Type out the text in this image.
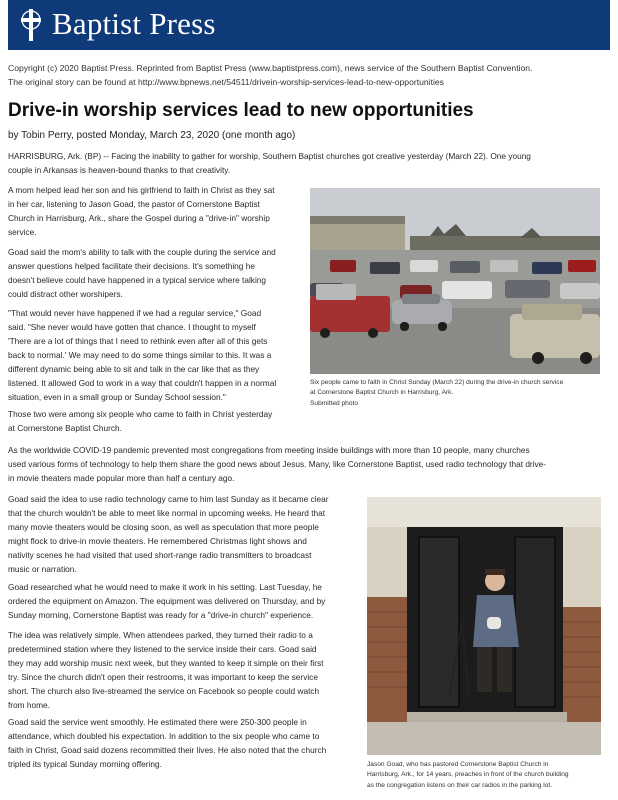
Baptist Press
Copyright (c) 2020 Baptist Press. Reprinted from Baptist Press (www.baptistpress.com), news service of the Southern Baptist Convention.
The original story can be found at http://www.bpnews.net/54511/drivein-worship-services-lead-to-new-opportunities
Drive-in worship services lead to new opportunities
by Tobin Perry, posted Monday, March 23, 2020 (one month ago)
HARRISBURG, Ark. (BP) -- Facing the inability to gather for worship, Southern Baptist churches got creative yesterday (March 22). One young
couple in Arkansas is heaven-bound thanks to that creativity.
A mom helped lead her son and his girlfriend to faith in Christ as they sat
in her car, listening to Jason Goad, the pastor of Cornerstone Baptist
Church in Harrisburg, Ark., share the Gospel during a "drive-in" worship
service.
Goad said the mom's ability to talk with the couple during the service and
answer questions helped facilitate their decisions. It's something he
doesn't believe could have happened in a typical service where talking
could distract other worshipers.
"That would never have happened if we had a regular service," Goad
said. "She never would have gotten that chance. I thought to myself
'There are a lot of things that I need to rethink even after all of this gets
back to normal.' We may need to do some things similar to this. It was a
different dynamic being able to sit and talk in the car like that as they
listened. It allowed God to work in a way that couldn't happen in a normal
situation, even in a small group or Sunday School session."
Those two were among six people who came to faith in Christ yesterday
at Cornerstone Baptist Church.
As the worldwide COVID-19 pandemic prevented most congregations from meeting inside buildings with more than 10 people, many churches
used various forms of technology to help them share the good news about Jesus. Many, like Cornerstone Baptist, used radio technology that drive-
in movie theaters made popular more than half a century ago.
Goad said the idea to use radio technology came to him last Sunday as it became clear
that the church wouldn't be able to meet like normal in upcoming weeks. He heard that
many movie theaters would be closing soon, as well as speculation that more people
might flock to drive-in movie theaters. He remembered Christmas light shows and
nativity scenes he had visited that used short-range radio transmitters to broadcast
music or narration.
Goad researched what he would need to make it work in his setting. Last Tuesday, he
ordered the equipment on Amazon. The equipment was delivered on Thursday, and by
Sunday morning, Cornerstone Baptist was ready for a "drive-in church" experience.
The idea was relatively simple. When attendees parked, they turned their radio to a
predetermined station where they listened to the service inside their cars. Goad said
they may add worship music next week, but they wanted to keep it simple on their first
try. Since the church didn't open their restrooms, it was important to keep the service
short. The church also live-streamed the service on Facebook so people could watch
from home.
Goad said the service went smoothly. He estimated there were 250-300 people in
attendance, which doubled his expectation. In addition to the six people who came to
faith in Christ, Goad said dozens recommitted their lives. He also noted that the church
tripled its typical Sunday morning offering.
Six people came to faith in Christ Sunday (March 22) during the drive-in church service
at Cornerstone Baptist Church in Harrisburg, Ark.
Submitted photo
Jason Goad, who has pastored Cornerstone Baptist Church in
Harrisburg, Ark., for 14 years, preaches in front of the church building
as the congregation listens on their car radios in the parking lot.
